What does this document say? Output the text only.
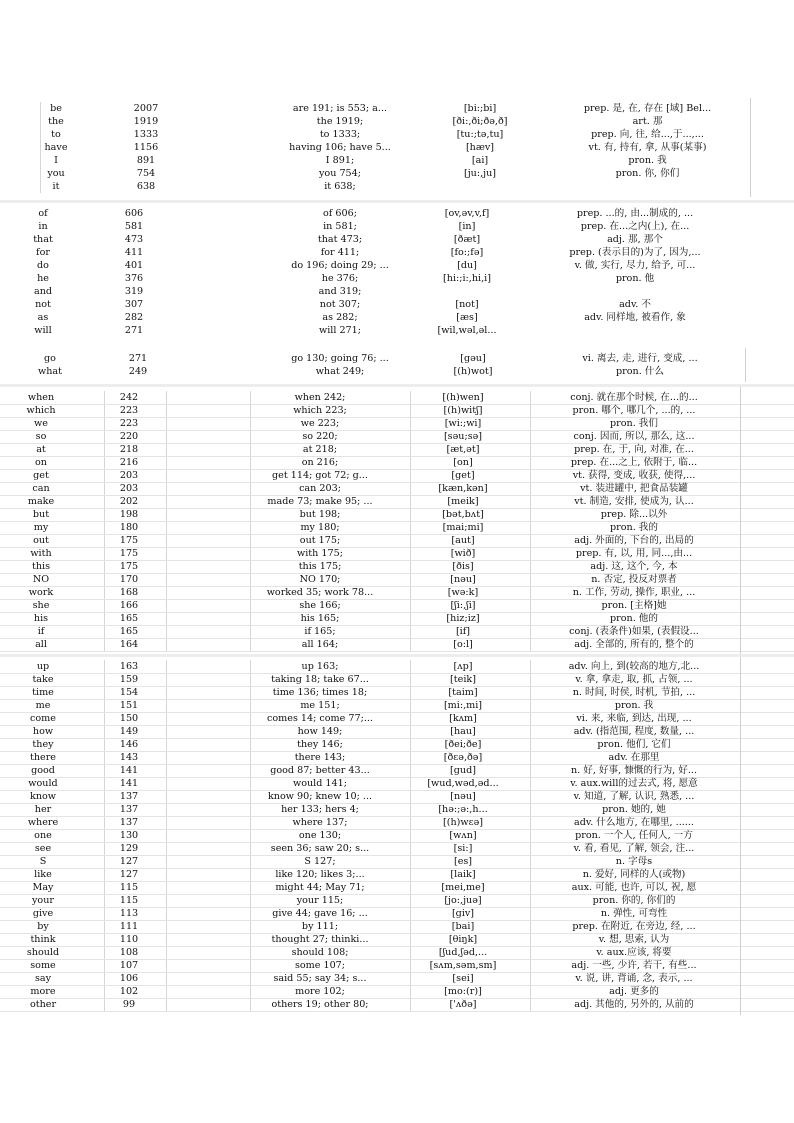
be	2007	are 191; is 553; a...	[bi:;bi]	prep. 是, 在, 存在 [域] Bel...
the	1919	the 1919;	[ði:,ði;ðə,ð]	art. 那
to	1333	to 1333;	[tu:;tə,tu]	prep. 向, 往, 给...,于...,...
have	1156	having 106; have 5...	[hæv]	vt. 有, 持有, 拿, 从事(某事)
I	891	I 891;	[ai]	pron. 我
you	754	you 754;	[ju:,ju]	pron. 你, 你们
it	638	it 638;
of	606	of 606;	[ov,əv,v,f]	prep. ...的, 由...制成的, ...
in	581	in 581;	[in]	prep. 在...之内(上), 在...
that	473	that 473;	[ðæt]	adj. 那, 那个
for	411	for 411;	[fo:;fə]	prep. (表示目的)为了, 因为,...
do	401	do 196; doing 29; ...	[du]	v. 做, 实行, 尽力, 给予, 可...
he	376	he 376;	[hi:;i:,hi,i]	pron. 他
and	319	and 319;
not	307	not 307;	[not]	adv. 不
as	282	as 282;	[æs]	adv. 同样地, 被看作, 象
will	271	will 271;	[wil,wəl,əl...
go	271	go 130; going 76; ...	[gəu]	vi. 离去, 走, 进行, 变成, ...
what	249	what 249;	[(h)wot]	pron. 什么
when	242	when 242;	[(h)wen]	conj. 就在那个时候, 在...的...
which	223	which 223;	[(h)witʃ]	pron. 哪个, 哪几个, ...的, ...
we	223	we 223;	[wi:;wi]	pron. 我们
so	220	so 220;	[səu;sə]	conj. 因而, 所以, 那么, 这...
at	218	at 218;	[æt,ət]	prep. 在, 于, 向, 对准, 在...
on	216	on 216;	[on]	prep. 在...之上, 依附于, 临...
get	203	get 114; got 72; g...	[get]	vt. 获得, 变成, 收获, 使得,...
can	203	can 203;	[kæn,kən]	vt. 装进罐中, 把食品装罐
make	202	made 73; make 95; ...	[meik]	vt. 制造, 安排, 使成为, 认...
but	198	but 198;	[bət,bʌt]	prep. 除...以外
my	180	my 180;	[mai;mi]	pron. 我的
out	175	out 175;	[aut]	adj. 外面的, 下台的, 出局的
with	175	with 175;	[wið]	prep. 有, 以, 用, 同...,由...
this	175	this 175;	[ðis]	adj. 这, 这个, 今, 本
NO	170	NO 170;	[nəu]	n. 否定, 投反对票者
work	168	worked 35; work 78...	[wə:k]	n. 工作, 劳动, 操作, 职业, ...
she	166	she 166;	[ʃi:,ʃi]	pron. [主格]她
his	165	his 165;	[hiz;iz]	pron. 他的
if	165	if 165;	[if]	conj. (表条件)如果, (表假设...
all	164	all 164;	[o:l]	adj. 全部的, 所有的, 整个的
up	163	up 163;	[ʌp]	adv. 向上, 到(较高的地方,北...
take	159	taking 18; take 67...	[teik]	v. 拿, 拿走, 取, 抓, 占领, ...
time	154	time 136; times 18;	[taim]	n. 时间, 时侯, 时机, 节拍, ...
me	151	me 151;	[mi:,mi]	pron. 我
come	150	comes 14; come 77;...	[kʌm]	vi. 来, 来临, 到达, 出现, ...
how	149	how 149;	[hau]	adv. (指范围, 程度, 数量, ...
they	146	they 146;	[ðei;ðe]	pron. 他们, 它们
there	143	there 143;	[ðɛə,ðə]	adv. 在那里
good	141	good 87; better 43...	[gud]	n. 好, 好事, 慷慨的行为, 好...
would	141	would 141;	[wud,wəd,əd...	v. aux.will的过去式, 将, 愿意
know	137	know 90; knew 10; ...	[nəu]	v. 知道, 了解, 认识, 熟悉, ...
her	137	her 133; hers 4;	[hə:;ə:,h...	pron. 她的, 她
where	137	where 137;	[(h)wɛə]	adv. 什么地方, 在哪里, ......
one	130	one 130;	[wʌn]	pron. 一个人, 任何人, 一方
see	129	seen 36; saw 20; s...	[si:]	v. 看, 看见, 了解, 领会, 注...
S	127	S 127;	[es]	n. 字母s
like	127	like 120; likes 3;...	[laik]	n. 爱好, 同样的人(或物)
May	115	might 44; May 71;	[mei,me]	aux. 可能, 也许, 可以, 祝, 愿
your	115	your 115;	[jo:,juə]	pron. 你的, 你们的
give	113	give 44; gave 16; ...	[giv]	n. 弹性, 可弯性
by	111	by 111;	[bai]	prep. 在附近, 在旁边, 经, ...
think	110	thought 27; thinki...	[θiŋk]	v. 想, 思索, 认为
should	108	should 108;	[ʃud,ʃəd,...	v. aux.应该, 将要
some	107	some 107;	[sʌm,səm,sm]	adj. 一些, 少许, 若干, 有些...
say	106	said 55; say 34; s...	[sei]	v. 说, 讲, 背诵, 念, 表示, ...
more	102	more 102;	[mo:(r)]	adj. 更多的
other	99	others 19; other 80;	['ʌðə]	adj. 其他的, 另外的, 从前的
